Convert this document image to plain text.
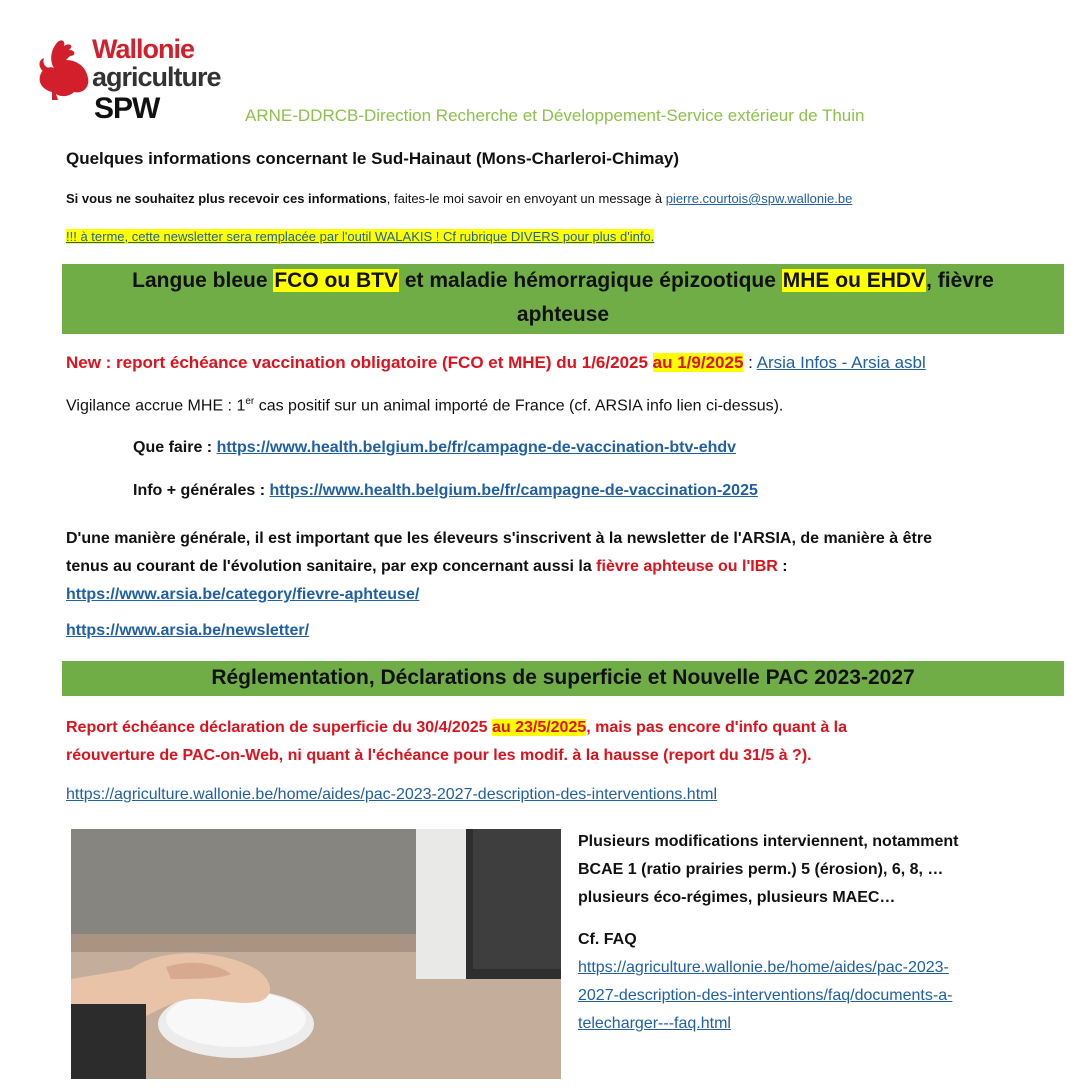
Wallonie
agriculture
SPW	ARNE-DDRCB-Direction Recherche et Développement-Service extérieur de Thuin
Quelques informations concernant le Sud-Hainaut (Mons-Charleroi-Chimay)
Si vous ne souhaitez plus recevoir ces informations, faites-le moi savoir en envoyant un message à pierre.courtois@spw.wallonie.be
!!! à terme, cette newsletter sera remplacée par l'outil WALAKIS ! Cf rubrique DIVERS pour plus d'info.
Langue bleue FCO ou BTV et maladie hémorragique épizootique MHE ou EHDV, fièvre
aphteuse
New : report échéance vaccination obligatoire (FCO et MHE) du 1/6/2025 au 1/9/2025 : Arsia Infos - Arsia asbl
Vigilance accrue MHE : 1er cas positif sur un animal importé de France (cf. ARSIA info lien ci-dessus).
Que faire : https://www.health.belgium.be/fr/campagne-de-vaccination-btv-ehdv
Info + générales : https://www.health.belgium.be/fr/campagne-de-vaccination-2025
D'une manière générale, il est important que les éleveurs s'inscrivent à la newsletter de l'ARSIA, de manière à être
tenus au courant de l'évolution sanitaire, par exp concernant aussi la fièvre aphteuse ou l'IBR :
https://www.arsia.be/category/fievre-aphteuse/
https://www.arsia.be/newsletter/
Réglementation, Déclarations de superficie et Nouvelle PAC 2023-2027
Report échéance déclaration de superficie du 30/4/2025 au 23/5/2025, mais pas encore d'info quant à la
réouverture de PAC-on-Web, ni quant à l'échéance pour les modif. à la hausse (report du 31/5 à ?).
https://agriculture.wallonie.be/home/aides/pac-2023-2027-description-des-interventions.html
Plusieurs modifications interviennent, notamment
BCAE 1 (ratio prairies perm.) 5 (érosion), 6, 8, …
plusieurs éco-régimes, plusieurs MAEC…
Cf. FAQ
https://agriculture.wallonie.be/home/aides/pac-2023-
2027-description-des-interventions/faq/documents-a-
telecharger---faq.html
